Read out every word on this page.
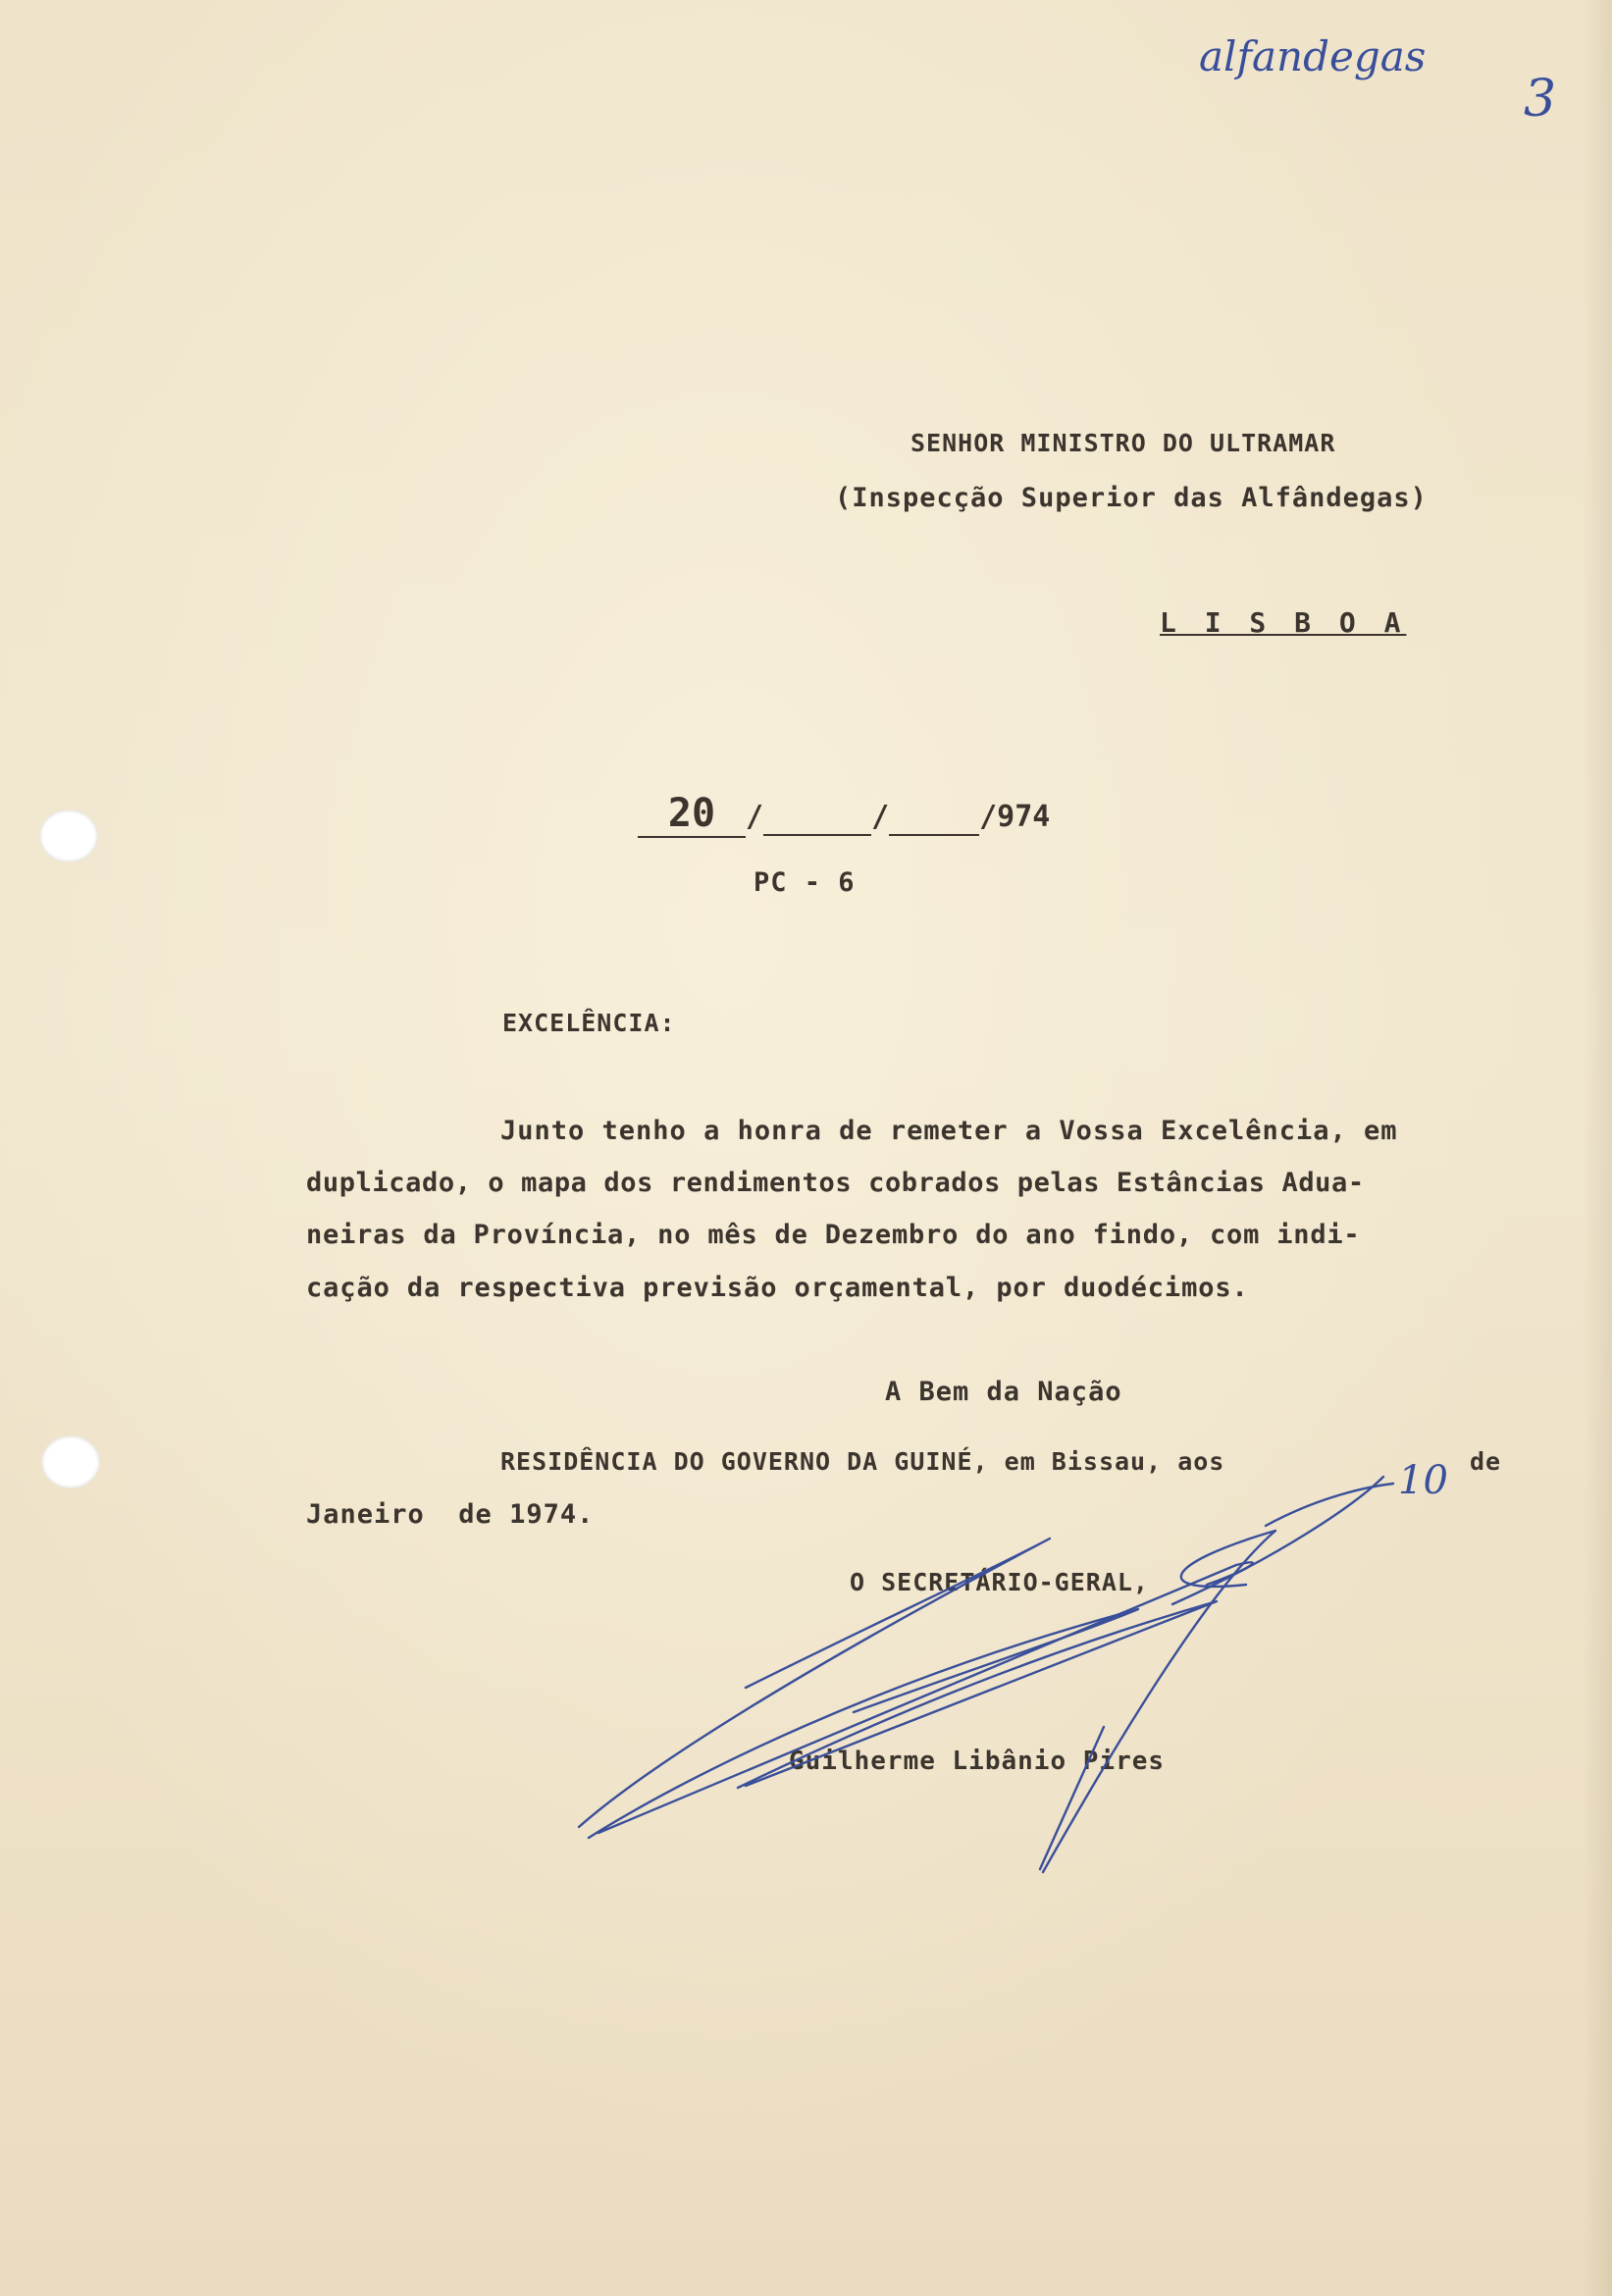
SENHOR MINISTRO DO ULTRAMAR
(Inspecção Superior das Alfândegas)
L I S B O A
20 /	/	/974
PC - 6
EXCELÊNCIA:
Junto tenho a honra de remeter a Vossa Excelência, em
duplicado, o mapa dos rendimentos cobrados pelas Estâncias Adua-
neiras da Província, no mês de Dezembro do ano findo, com indi-
cação da respectiva previsão orçamental, por duodécimos.
A Bem da Nação
RESIDÊNCIA DO GOVERNO DA GUINÉ, em Bissau, aos	de
Janeiro  de 1974.
O SECRETÁRIO-GERAL,
Guilherme Libânio Pires
alfandegas
3
10
